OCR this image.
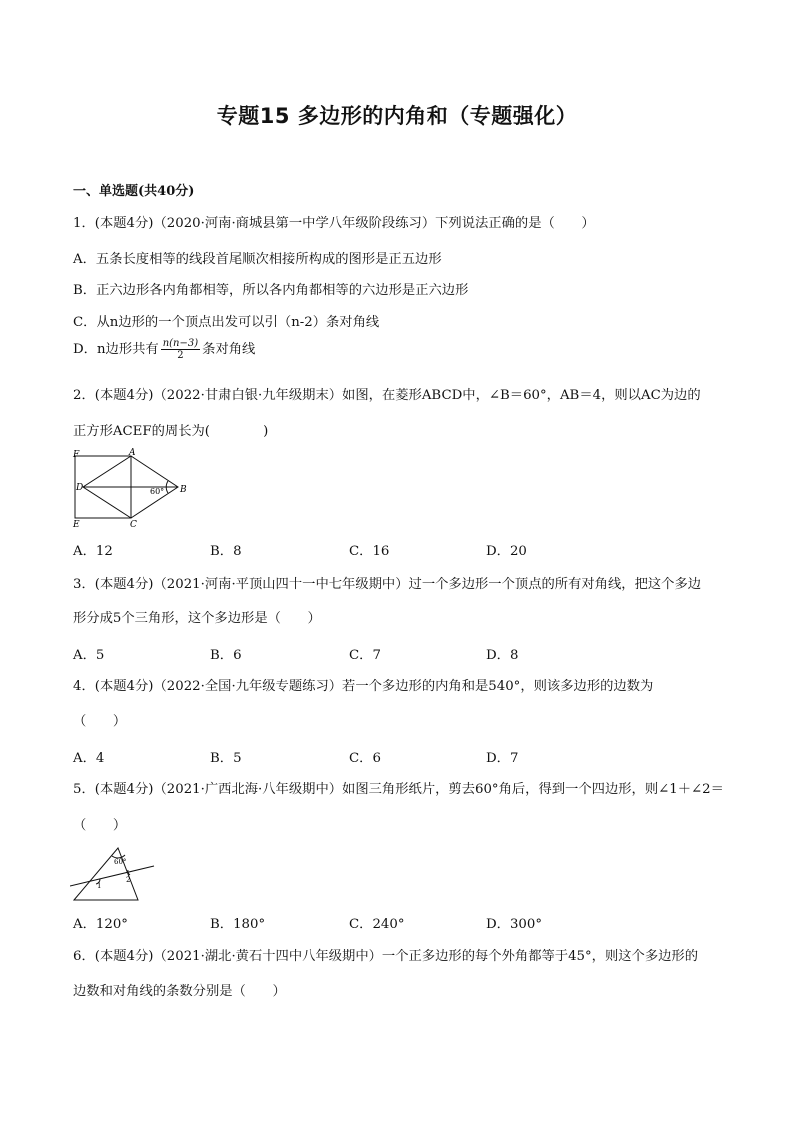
专题15 多边形的内角和（专题强化）
一、单选题(共40分)
1．(本题4分)（2020·河南·商城县第一中学八年级阶段练习）下列说法正确的是（　　）
A．五条长度相等的线段首尾顺次相接所构成的图形是正五边形
B．正六边形各内角都相等，所以各内角都相等的六边形是正六边形
C．从n边形的一个顶点出发可以引（n-2）条对角线
D．n边形共有 $\frac{n(n-3)}{2}$ 条对角线
2．(本题4分)（2022·甘肃白银·九年级期末）如图，在菱形ABCD中，∠B＝60°，AB＝4，则以AC为边的
正方形ACEF的周长为(　　　　)
F	A
D	B
E	C
60°
A．12	B．8	C．16	D．20
3．(本题4分)（2021·河南·平顶山四十一中七年级期中）过一个多边形一个顶点的所有对角线，把这个多边
形分成5个三角形，这个多边形是（　　）
A．5	B．6	C．7	D．8
4．(本题4分)（2022·全国·九年级专题练习）若一个多边形的内角和是540°，则该多边形的边数为
（　　）
A．4	B．5	C．6	D．7
5．(本题4分)（2021·广西北海·八年级期中）如图三角形纸片，剪去60°角后，得到一个四边形，则∠1＋∠2＝
（　　）
60°
1
2
A．120°	B．180°	C．240°	D．300°
6．(本题4分)（2021·湖北·黄石十四中八年级期中）一个正多边形的每个外角都等于45°，则这个多边形的
边数和对角线的条数分别是（　　）
